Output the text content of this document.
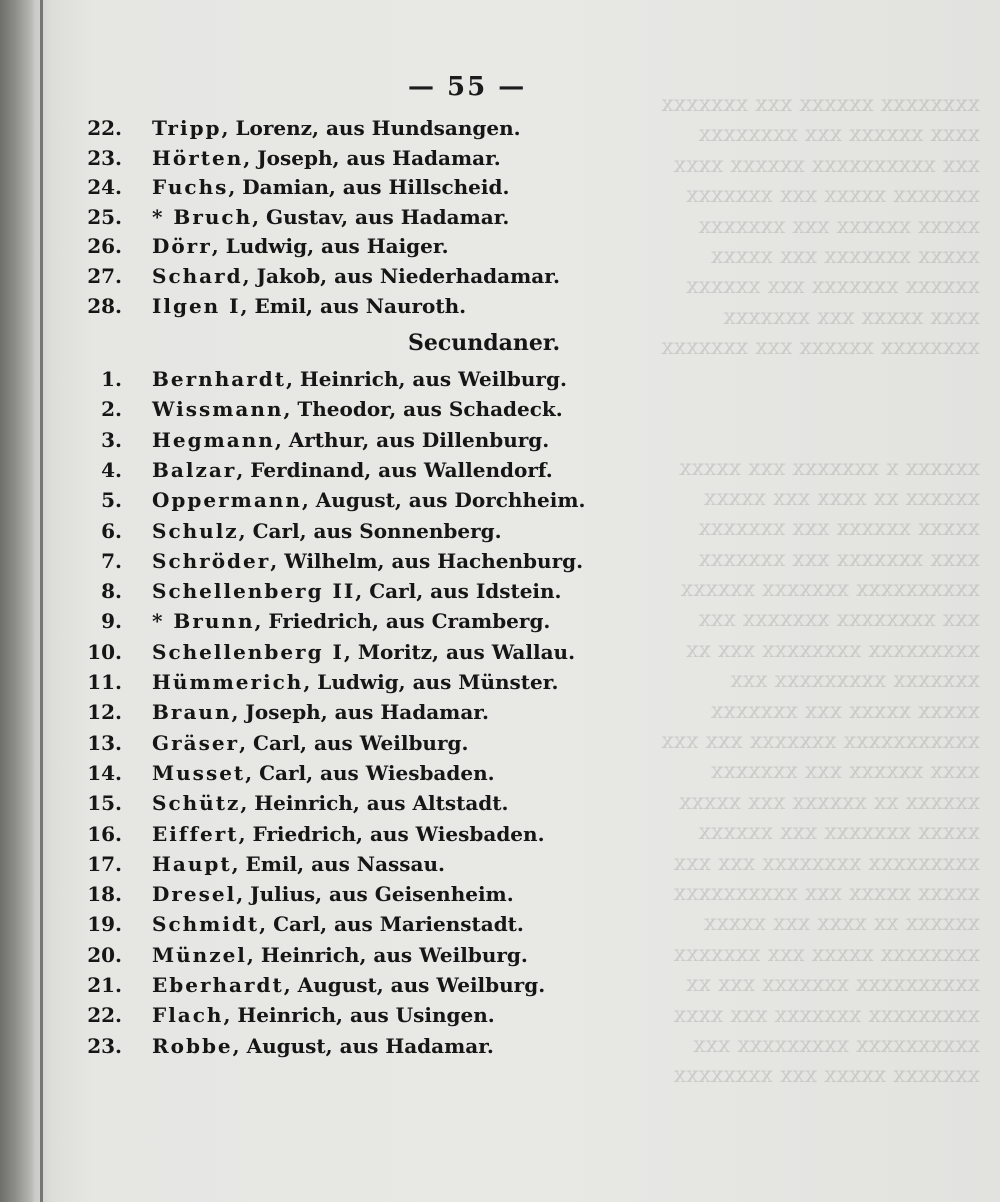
— 55 —
22. Tripp, Lorenz, aus Hundsangen.
23. Hörten, Joseph, aus Hadamar.
24. Fuchs, Damian, aus Hillscheid.
25. * Bruch, Gustav, aus Hadamar.
26. Dörr, Ludwig, aus Haiger.
27. Schard, Jakob, aus Niederhadamar.
28. Ilgen I, Emil, aus Nauroth.
Secundaner.
1. Bernhardt, Heinrich, aus Weilburg.
2. Wissmann, Theodor, aus Schadeck.
3. Hegmann, Arthur, aus Dillenburg.
4. Balzar, Ferdinand, aus Wallendorf.
5. Oppermann, August, aus Dorchheim.
6. Schulz, Carl, aus Sonnenberg.
7. Schröder, Wilhelm, aus Hachenburg.
8. Schellenberg II, Carl, aus Idstein.
9. * Brunn, Friedrich, aus Cramberg.
10. Schellenberg I, Moritz, aus Wallau.
11. Hümmerich, Ludwig, aus Münster.
12. Braun, Joseph, aus Hadamar.
13. Gräser, Carl, aus Weilburg.
14. Musset, Carl, aus Wiesbaden.
15. Schütz, Heinrich, aus Altstadt.
16. Eiffert, Friedrich, aus Wiesbaden.
17. Haupt, Emil, aus Nassau.
18. Dresel, Julius, aus Geisenheim.
19. Schmidt, Carl, aus Marienstadt.
20. Münzel, Heinrich, aus Weilburg.
21. Eberhardt, August, aus Weilburg.
22. Flach, Heinrich, aus Usingen.
23. Robbe, August, aus Hadamar.
